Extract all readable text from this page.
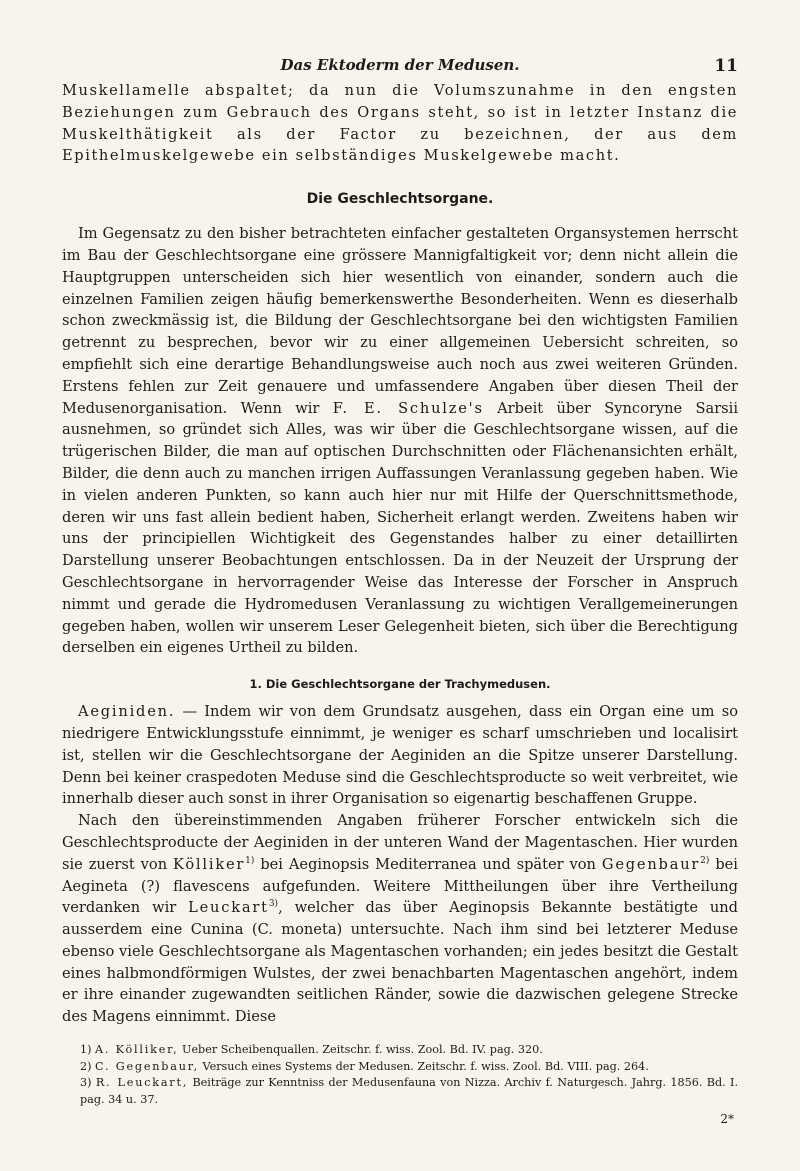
Das Ektoderm der Medusen.	11

Muskellamelle abspaltet; da nun die Volumszunahme in den engsten Beziehungen zum Gebrauch des Organs steht, so ist in letzter Instanz die Muskelthätigkeit als der Factor zu bezeichnen, der aus dem Epithelmuskelgewebe ein selbständiges Muskelgewebe macht.

Die Geschlechtsorgane.

Im Gegensatz zu den bisher betrachteten einfacher gestalteten Organsystemen herrscht im Bau der Geschlechtsorgane eine grössere Mannigfaltigkeit vor; denn nicht allein die Hauptgruppen unterscheiden sich hier wesentlich von einander, sondern auch die einzelnen Familien zeigen häufig bemerkenswerthe Besonderheiten. Wenn es dieserhalb schon zweckmässig ist, die Bildung der Geschlechtsorgane bei den wichtigsten Familien getrennt zu besprechen, bevor wir zu einer allgemeinen Uebersicht schreiten, so empfiehlt sich eine derartige Behandlungsweise auch noch aus zwei weiteren Gründen. Erstens fehlen zur Zeit genauere und umfassendere Angaben über diesen Theil der Medusenorganisation. Wenn wir F. E. Schulze's Arbeit über Syncoryne Sarsii ausnehmen, so gründet sich Alles, was wir über die Geschlechtsorgane wissen, auf die trügerischen Bilder, die man auf optischen Durchschnitten oder Flächenansichten erhält, Bilder, die denn auch zu manchen irrigen Auffassungen Veranlassung gegeben haben. Wie in vielen anderen Punkten, so kann auch hier nur mit Hilfe der Querschnittsmethode, deren wir uns fast allein bedient haben, Sicherheit erlangt werden. Zweitens haben wir uns der principiellen Wichtigkeit des Gegenstandes halber zu einer detaillirten Darstellung unserer Beobachtungen entschlossen. Da in der Neuzeit der Ursprung der Geschlechtsorgane in hervorragender Weise das Interesse der Forscher in Anspruch nimmt und gerade die Hydromedusen Veranlassung zu wichtigen Verallgemeinerungen gegeben haben, wollen wir unserem Leser Gelegenheit bieten, sich über die Berechtigung derselben ein eigenes Urtheil zu bilden.

1. Die Geschlechtsorgane der Trachymedusen.

Aeginiden. — Indem wir von dem Grundsatz ausgehen, dass ein Organ eine um so niedrigere Entwicklungsstufe einnimmt, je weniger es scharf umschrieben und localisirt ist, stellen wir die Geschlechtsorgane der Aeginiden an die Spitze unserer Darstellung. Denn bei keiner craspedoten Meduse sind die Geschlechtsproducte so weit verbreitet, wie innerhalb dieser auch sonst in ihrer Organisation so eigenartig beschaffenen Gruppe.

Nach den übereinstimmenden Angaben früherer Forscher entwickeln sich die Geschlechtsproducte der Aeginiden in der unteren Wand der Magentaschen. Hier wurden sie zuerst von Kölliker$^{1)}$ bei Aeginopsis Mediterranea und später von Gegenbaur$^{2)}$ bei Aegineta (?) flavescens aufgefunden. Weitere Mittheilungen über ihre Vertheilung verdanken wir Leuckart$^{3)}$, welcher das über Aeginopsis Bekannte bestätigte und ausserdem eine Cunina (C. moneta) untersuchte. Nach ihm sind bei letzterer Meduse ebenso viele Geschlechtsorgane als Magentaschen vorhanden; ein jedes besitzt die Gestalt eines halbmondförmigen Wulstes, der zwei benachbarten Magentaschen angehört, indem er ihre einander zugewandten seitlichen Ränder, sowie die dazwischen gelegene Strecke des Magens einnimmt. Diese

1) A. Kölliker, Ueber Scheibenquallen. Zeitschr. f. wiss. Zool. Bd. IV. pag. 320.

2) C. Gegenbaur, Versuch eines Systems der Medusen. Zeitschr. f. wiss. Zool. Bd. VIII. pag. 264.

3) R. Leuckart, Beiträge zur Kenntniss der Medusenfauna von Nizza. Archiv f. Naturgesch. Jahrg. 1856. Bd. I. pag. 34 u. 37.

2*
